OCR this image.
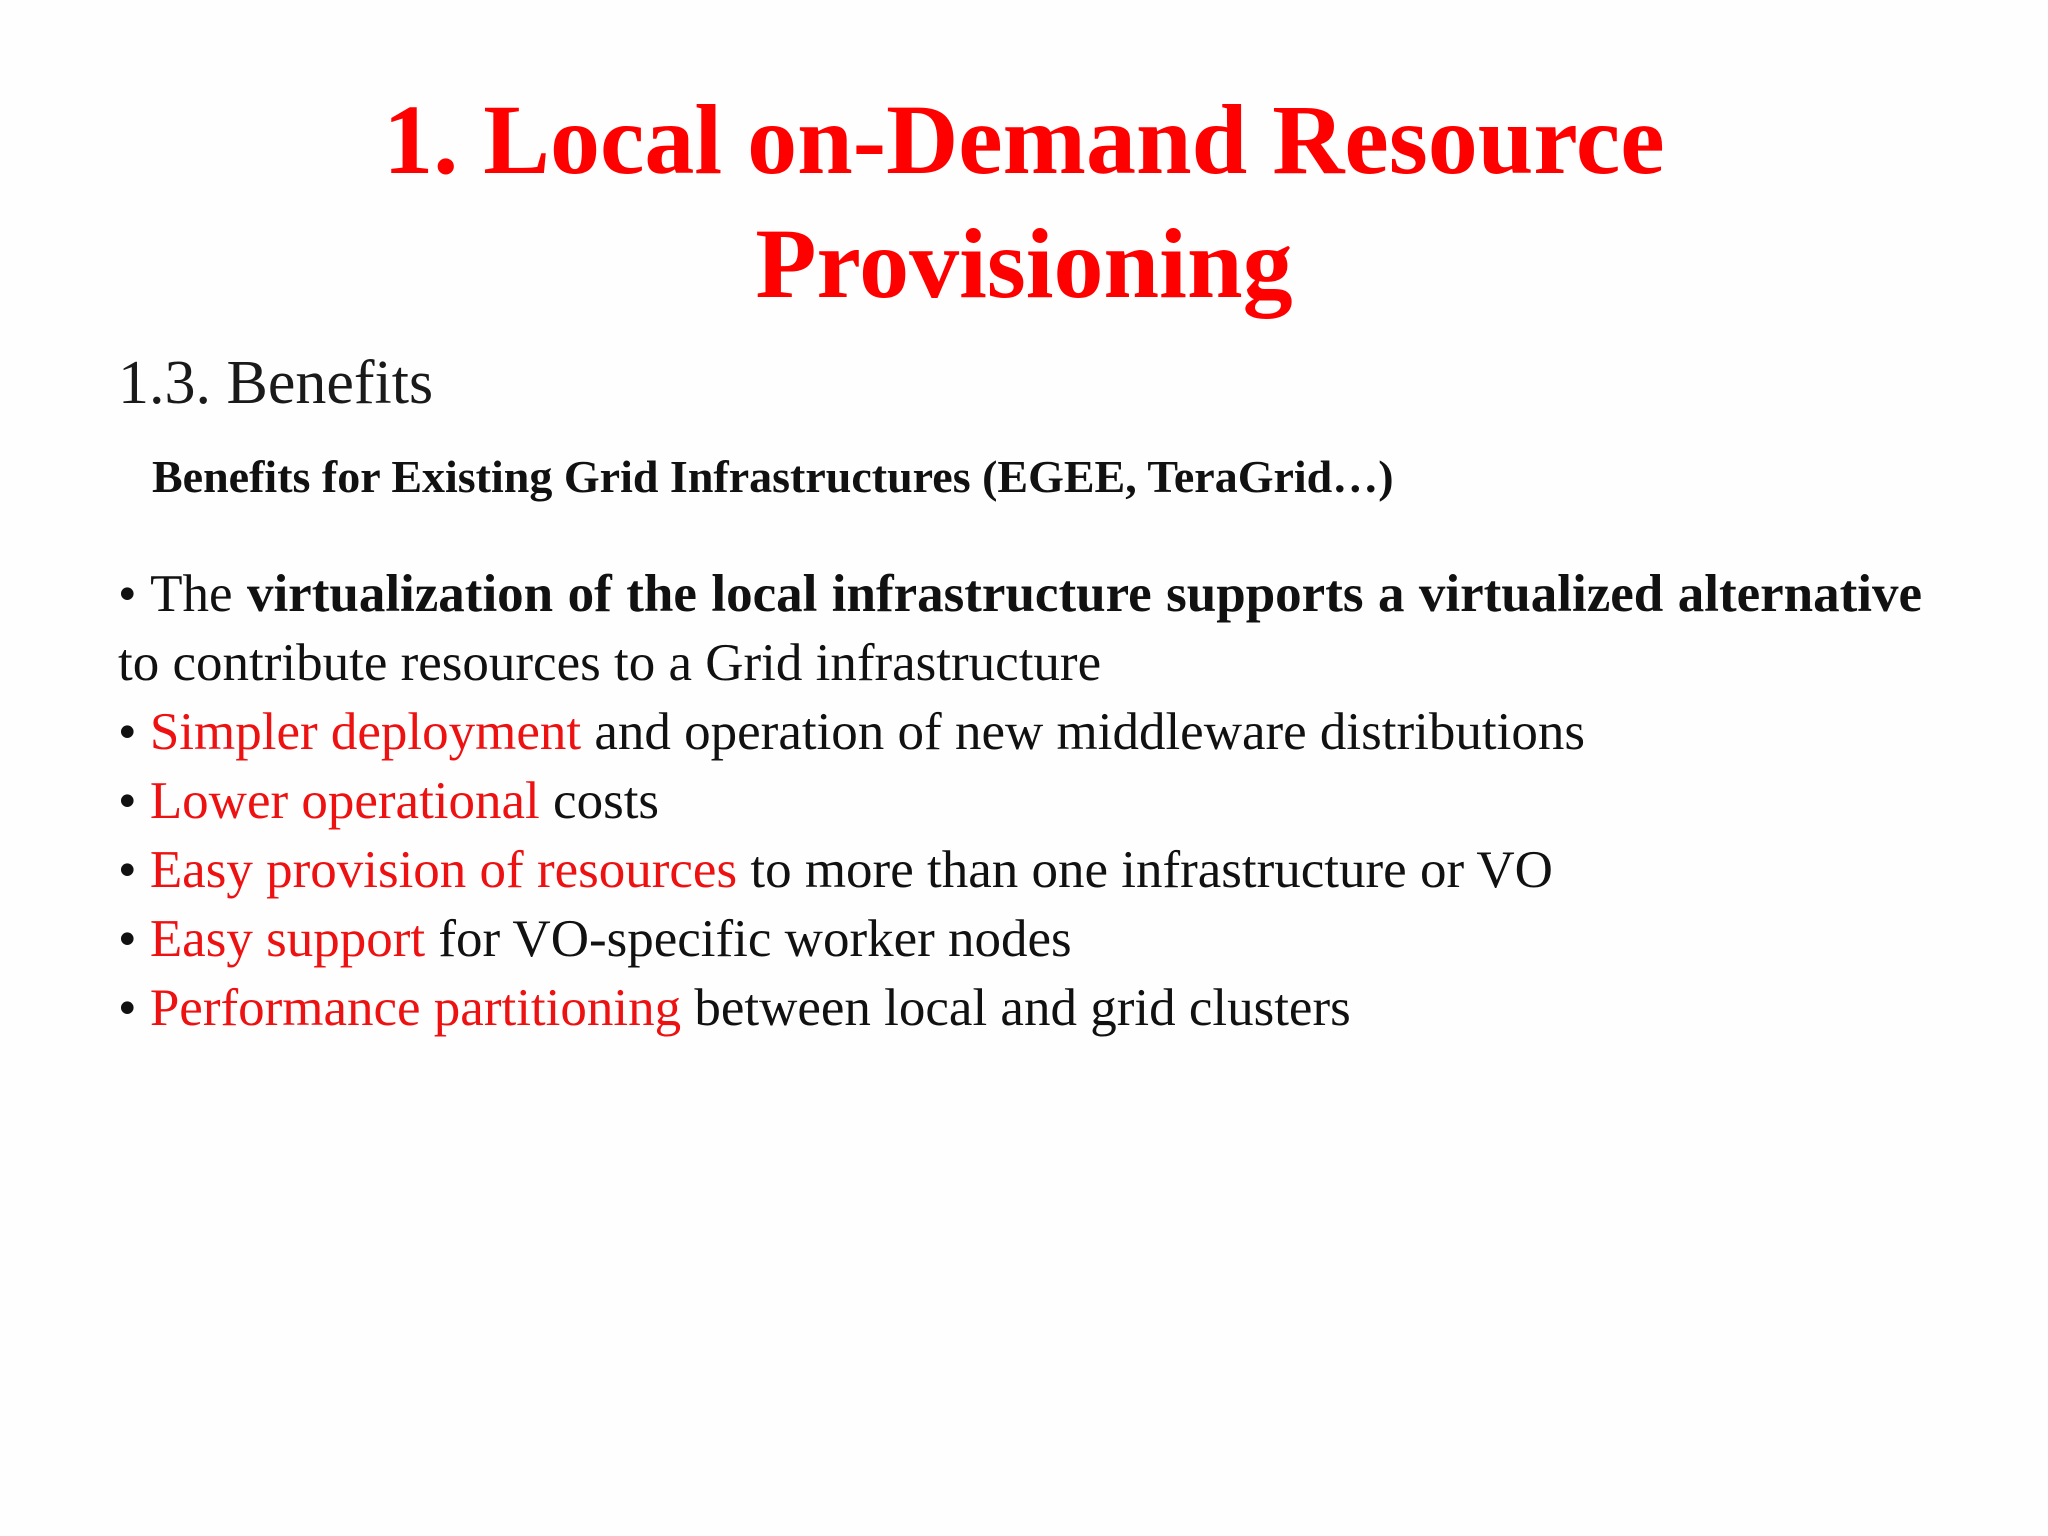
1. Local on-Demand Resource
Provisioning
1.3. Benefits
Benefits for Existing Grid Infrastructures (EGEE, TeraGrid…)
• The virtualization of the local infrastructure supports a virtualized alternative to contribute resources to a Grid infrastructure
• Simpler deployment and operation of new middleware distributions
• Lower operational costs
• Easy provision of resources to more than one infrastructure or VO
• Easy support for VO-specific worker nodes
• Performance partitioning between local and grid clusters
